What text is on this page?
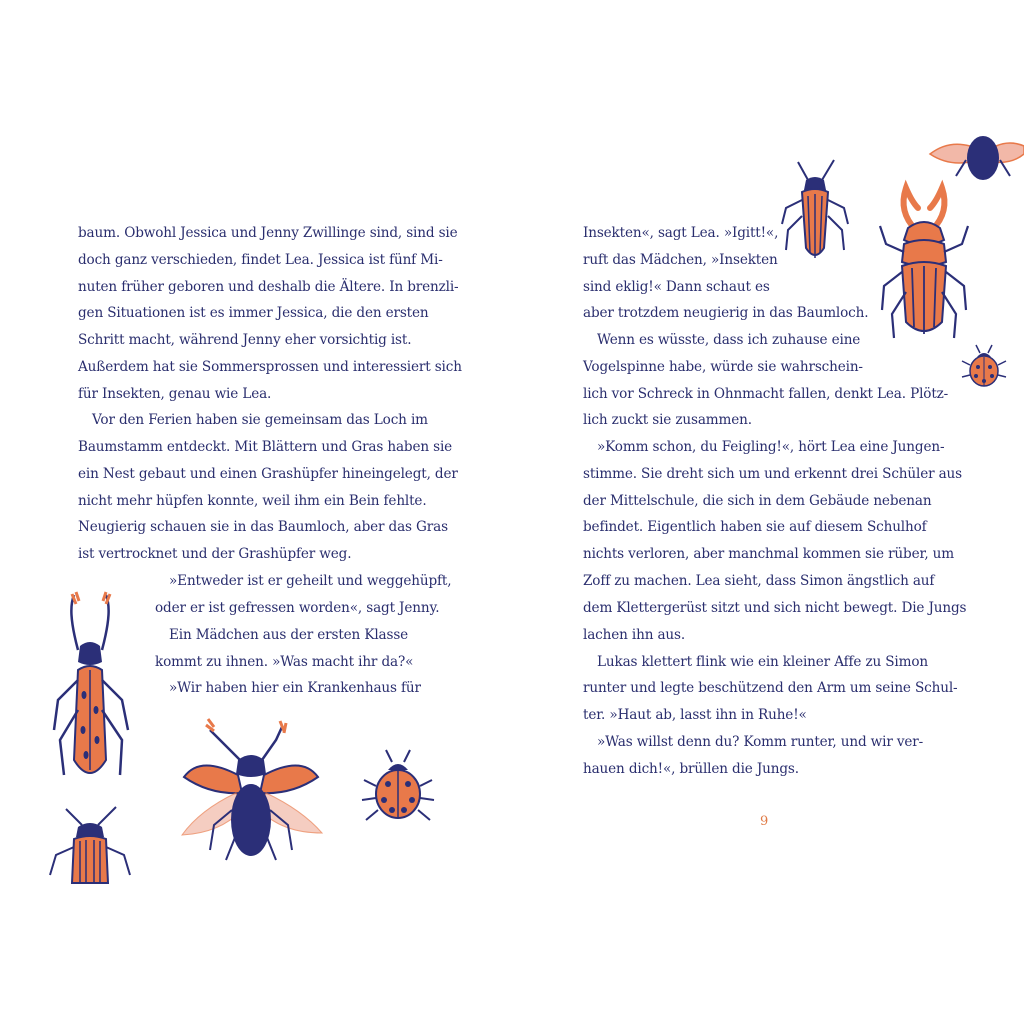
baum. Obwohl Jessica und Jenny Zwillinge sind, sind sie
doch ganz verschieden, findet Lea. Jessica ist fünf Mi-
nuten früher geboren und deshalb die Ältere. In brenzli-
gen Situationen ist es immer Jessica, die den ersten
Schritt macht, während Jenny eher vorsichtig ist.
Außerdem hat sie Sommersprossen und interessiert sich
für Insekten, genau wie Lea.
Vor den Ferien haben sie gemeinsam das Loch im
Baumstamm entdeckt. Mit Blättern und Gras haben sie
ein Nest gebaut und einen Grashüpfer hineingelegt, der
nicht mehr hüpfen konnte, weil ihm ein Bein fehlte.
Neugierig schauen sie in das Baumloch, aber das Gras
ist vertrocknet und der Grashüpfer weg.
»Entweder ist er geheilt und weggehüpft,
oder er ist gefressen worden«, sagt Jenny.
Ein Mädchen aus der ersten Klasse
kommt zu ihnen. »Was macht ihr da?«
»Wir haben hier ein Krankenhaus für
Insekten«, sagt Lea. »Igitt!«,
ruft das Mädchen, »Insekten
sind eklig!« Dann schaut es
aber trotzdem neugierig in das Baumloch.
Wenn es wüsste, dass ich zuhause eine
Vogelspinne habe, würde sie wahrschein-
lich vor Schreck in Ohnmacht fallen, denkt Lea. Plötz-
lich zuckt sie zusammen.
»Komm schon, du Feigling!«, hört Lea eine Jungen-
stimme. Sie dreht sich um und erkennt drei Schüler aus
der Mittelschule, die sich in dem Gebäude nebenan
befindet. Eigentlich haben sie auf diesem Schulhof
nichts verloren, aber manchmal kommen sie rüber, um
Zoff zu machen. Lea sieht, dass Simon ängstlich auf
dem Klettergerüst sitzt und sich nicht bewegt. Die Jungs
lachen ihn aus.
Lukas klettert flink wie ein kleiner Affe zu Simon
runter und legte beschützend den Arm um seine Schul-
ter. »Haut ab, lasst ihn in Ruhe!«
»Was willst denn du? Komm runter, und wir ver-
hauen dich!«, brüllen die Jungs.
9
